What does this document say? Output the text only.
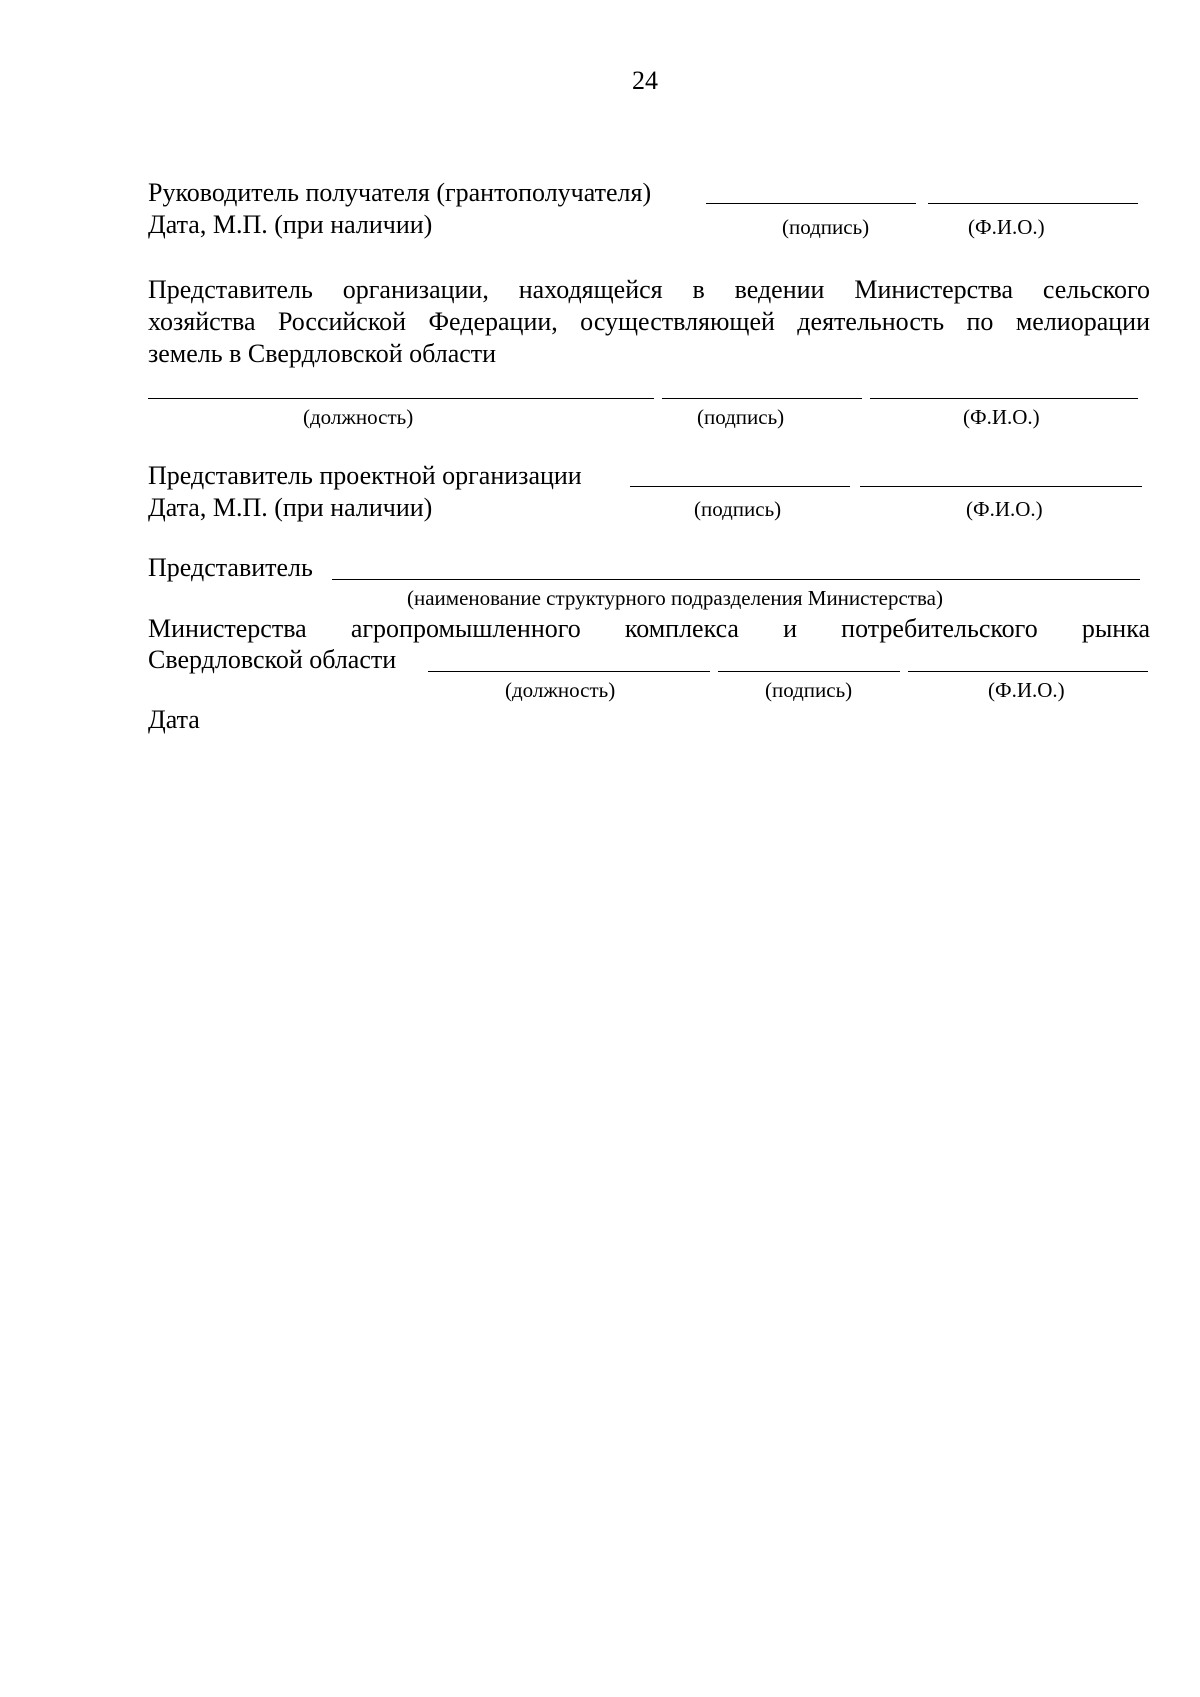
24
Руководитель получателя (грантополучателя)
Дата, М.П. (при наличии)	(подпись)	(Ф.И.О.)
Представитель организации, находящейся в ведении Министерства сельского
хозяйства Российской Федерации, осуществляющей деятельность по мелиорации
земель в Свердловской области
(должность)	(подпись)	(Ф.И.О.)
Представитель проектной организации
Дата, М.П. (при наличии)	(подпись)	(Ф.И.О.)
Представитель
(наименование структурного подразделения Министерства)
Министерства агропромышленного комплекса и потребительского рынка
Свердловской области
(должность)	(подпись)	(Ф.И.О.)
Дата
